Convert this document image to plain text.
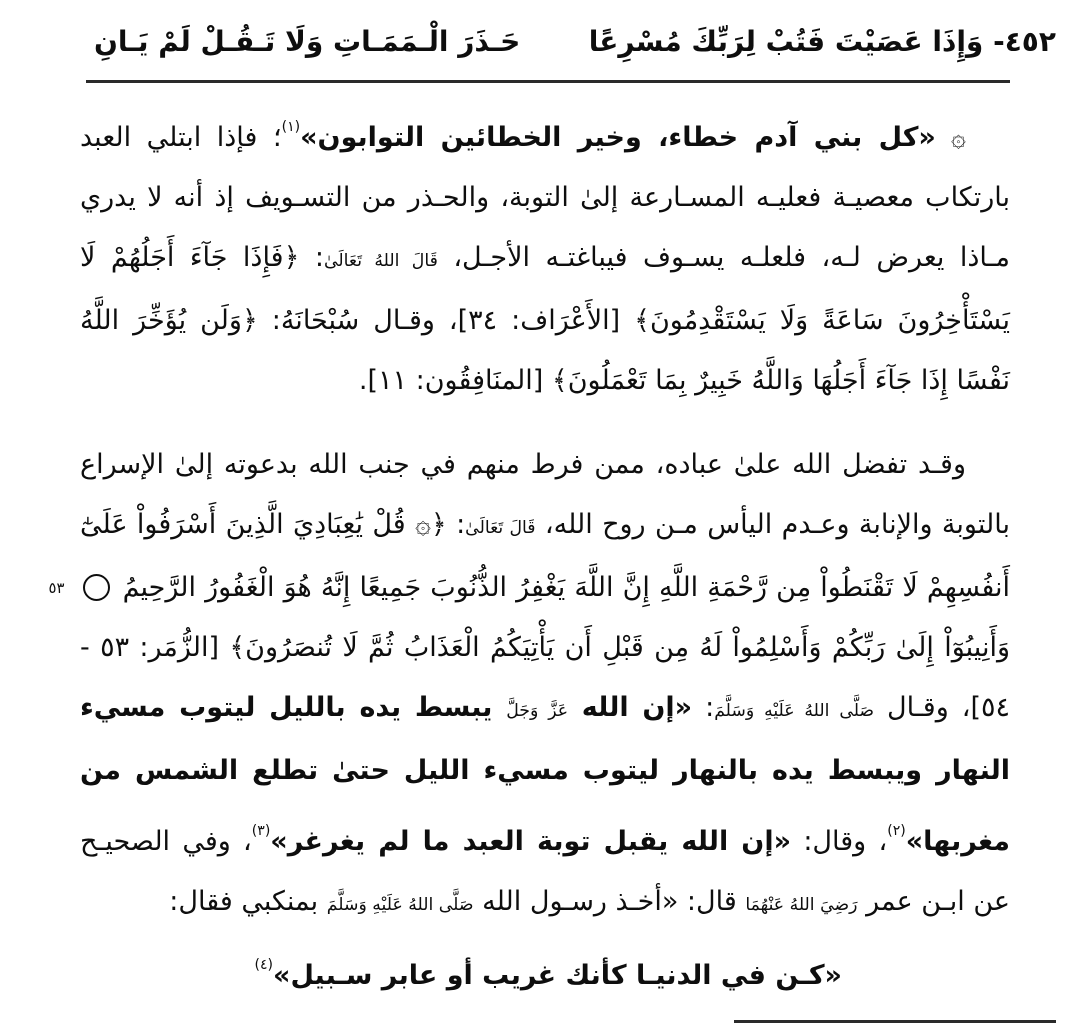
٤٥٢- وَإِذَا عَصَيْتَ فَتُبْ لِرَبِّكَ مُسْرِعًا
حَـذَرَ الْـمَمَـاتِ وَلَا تَـقُـلْ لَمْ يَـانِ

۞ «كل بني آدم خطاء، وخير الخطائين التوابون»$^{(١)}$؛ فإذا ابتلي العبد بارتكاب معصيـة فعليـه المسـارعة إلىٰ التوبة، والحـذر من التسـويف إذ أنه لا يدري مـاذا يعرض لـه، فلعلـه يسـوف فيباغتـه الأجـل، قَالَ اللهُ تَعَالَىٰ: ﴿فَإِذَا جَآءَ أَجَلُهُمْ لَا يَسْتَأْخِرُونَ سَاعَةً وَلَا يَسْتَقْدِمُونَ﴾ [الأَعْرَاف: ٣٤]، وقـال سُبْحَانَهُ: ﴿وَلَن يُؤَخِّرَ اللَّهُ نَفْسًا إِذَا جَآءَ أَجَلُهَا وَاللَّهُ خَبِيرٌ بِمَا تَعْمَلُونَ﴾ [المنَافِقُون: ١١].

وقـد تفضل الله علىٰ عباده، ممن فرط منهم في جنب الله بدعوته إلىٰ الإسراع بالتوبة والإنابة وعـدم اليأس مـن روح الله، قَالَ تَعَالَىٰ: ﴿۞ قُلْ يَٰعِبَادِيَ الَّذِينَ أَسْرَفُواْ عَلَىٰٓ أَنفُسِهِمْ لَا تَقْنَطُواْ مِن رَّحْمَةِ اللَّهِ إِنَّ اللَّهَ يَغْفِرُ الذُّنُوبَ جَمِيعًا إِنَّهُ هُوَ الْغَفُورُ الرَّحِيمُ ٥٣ وَأَنِيبُوٓاْ إِلَىٰ رَبِّكُمْ وَأَسْلِمُواْ لَهُ مِن قَبْلِ أَن يَأْتِيَكُمُ الْعَذَابُ ثُمَّ لَا تُنصَرُونَ﴾ [الزُّمَر: ٥٣ - ٥٤]، وقـال صَلَّى اللهُ عَلَيْهِ وَسَلَّمَ: «إن الله عَزَّ وَجَلَّ يبسط يده بالليل ليتوب مسيء النهار ويبسط يده بالنهار ليتوب مسيء الليل حتىٰ تطلع الشمس من مغربها»$^{(٢)}$، وقال: «إن الله يقبل توبة العبد ما لم يغرغر»$^{(٣)}$، وفي الصحيـح عن ابـن عمر رَضِيَ اللهُ عَنْهُمَا قال: «أخـذ رسـول الله صَلَّى اللهُ عَلَيْهِ وَسَلَّمَ بمنكبي فقال:

«كـن في الدنيـا كأنك غريب أو عابر سـبيل»$^{(٤)}$
